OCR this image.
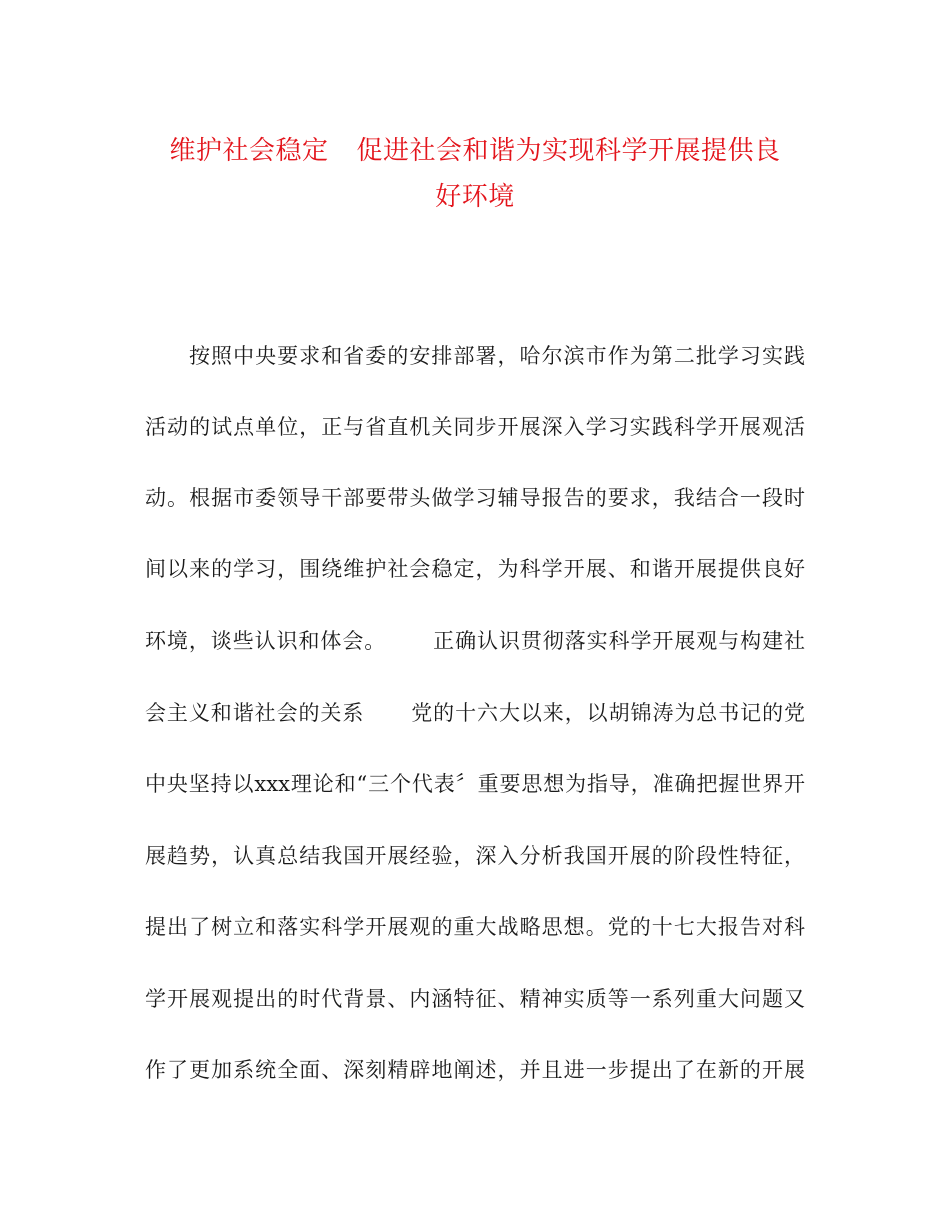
维护社会稳定 促进社会和谐为实现科学开展提供良
好环境
按照中央要求和省委的安排部署，哈尔滨市作为第二批学习实践
活动的试点单位，正与省直机关同步开展深入学习实践科学开展观活
动。根据市委领导干部要带头做学习辅导报告的要求，我结合一段时
间以来的学习，围绕维护社会稳定，为科学开展、和谐开展提供良好
环境，谈些认识和体会。 正确认识贯彻落实科学开展观与构建社
会主义和谐社会的关系 党的十六大以来，以胡锦涛为总书记的党
中央坚持以xxx理论和“三个代表〞重要思想为指导，准确把握世界开
展趋势，认真总结我国开展经验，深入分析我国开展的阶段性特征，
提出了树立和落实科学开展观的重大战略思想。党的十七大报告对科
学开展观提出的时代背景、内涵特征、精神实质等一系列重大问题又
作了更加系统全面、深刻精辟地阐述，并且进一步提出了在新的开展
